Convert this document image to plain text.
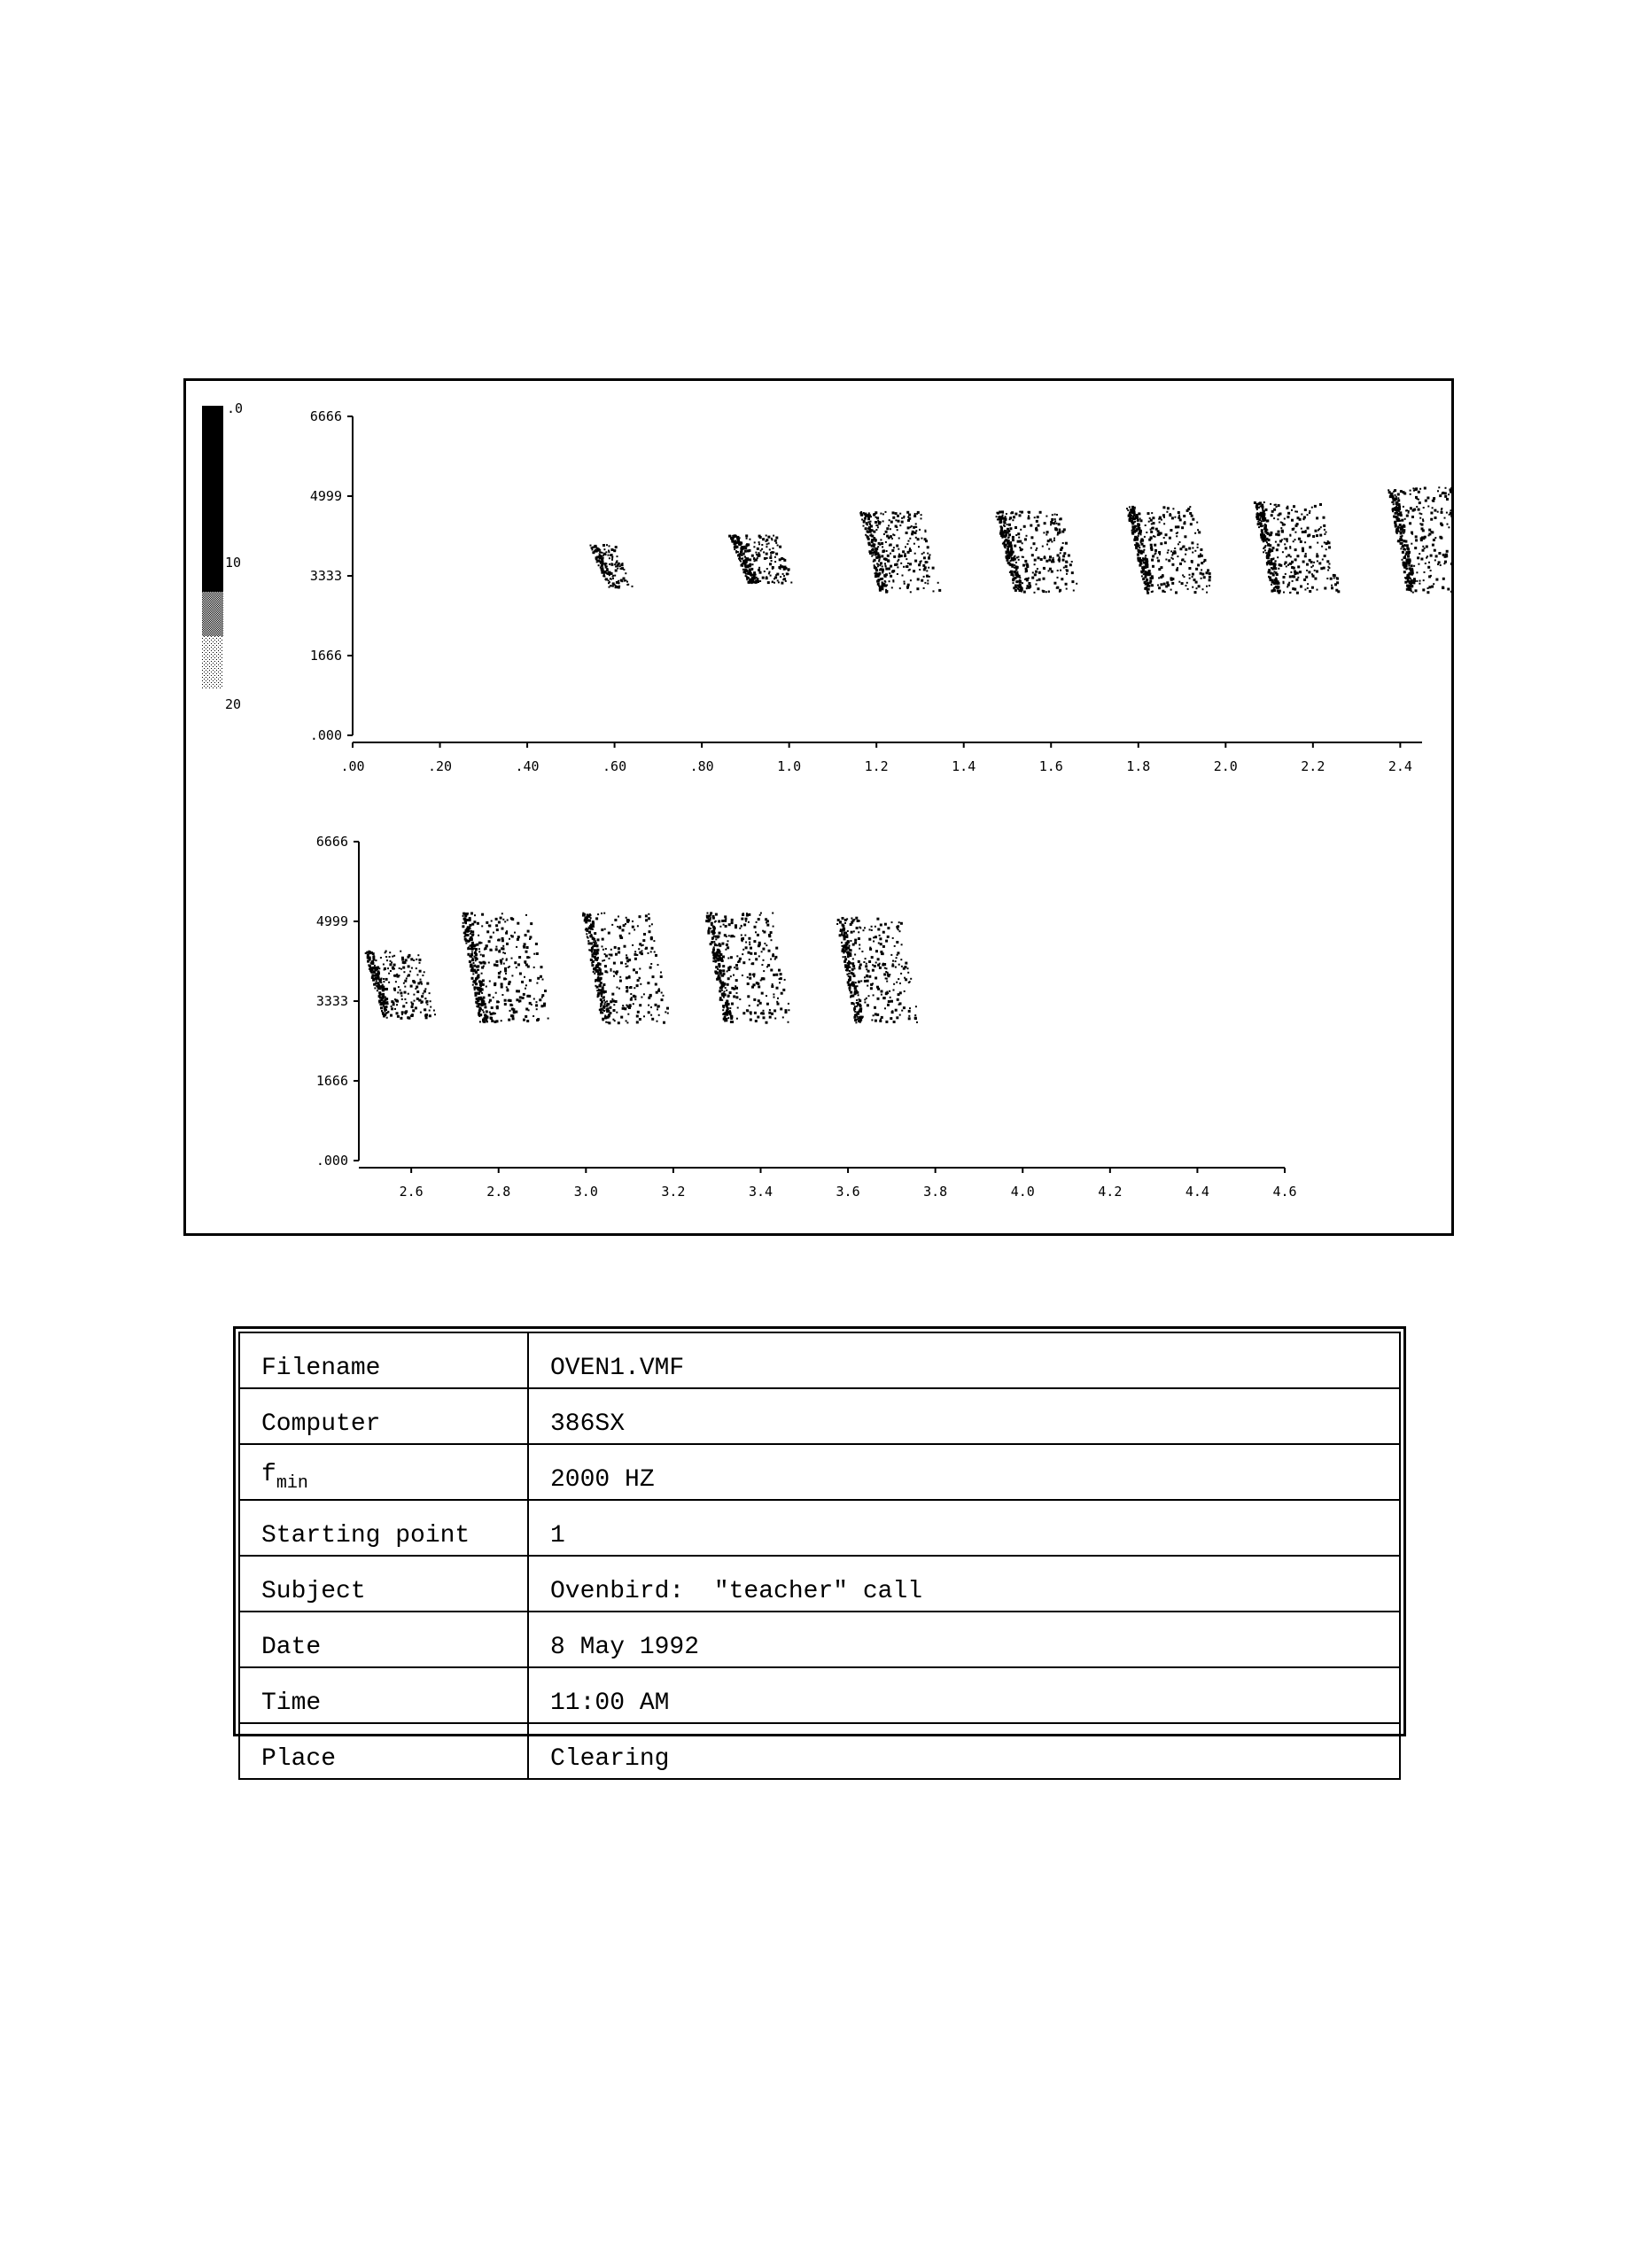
.0
10
20
.000
1666
3333
4999
6666
.00	.20	.40	.60	.80	1.0	1.2	1.4	1.6	1.8	2.0	2.2	2.4
.000
1666
3333
4999
6666
2.6	2.8	3.0	3.2	3.4	3.6	3.8	4.0	4.2	4.4	4.6
Filename	OVEN1.VMF
Computer	386SX
$f_{min}$	2000 HZ
Starting point	1
Subject	Ovenbird:  "teacher" call
Date	8 May 1992
Time	11:00 AM
Place	Clearing
